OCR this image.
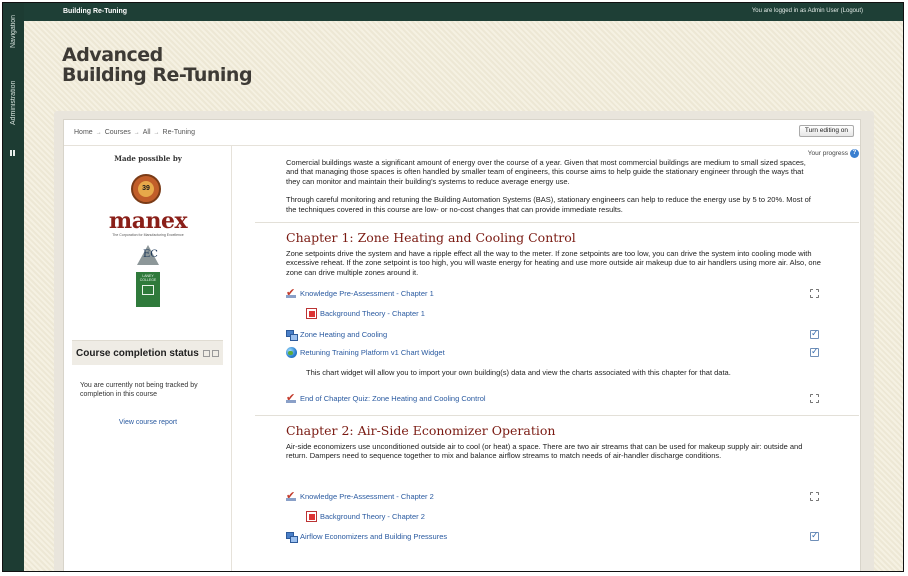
Navigation
Administration
Building Re-Tuning	You are logged in as Admin User (Logout)
Advanced
Building Re-Tuning
Home → Courses → All → Re-Tuning	Turn editing on
Made possible by
39
manex
The Corporation for Manufacturing Excellence
EC
LANEY
COLLEGE
Course completion status
You are currently not being tracked by completion in this course
View course report
Your progress ?

Comercial buildings waste a significant amount of energy over the course of a year. Given that most commercial buildings are medium to small sized spaces, and that managing those spaces is often handled by smaller team of engineers, this course aims to help guide the stationary engineer through the ways that they can monitor and maintain their building's systems to reduce average energy use.

Through careful monitoring and retuning the Building Automation Systems (BAS), stationary engineers can help to reduce the energy use by 5 to 20%. Most of the techniques covered in this course are low- or no-cost changes that can provide immediate results.

Chapter 1: Zone Heating and Cooling Control
Zone setpoints drive the system and have a ripple effect all the way to the meter. If zone setpoints are too low, you can drive the system into cooling mode with excessive reheat. If the zone setpoint is too high, you will waste energy for heating and use more outside air makeup due to air handlers using more air. Also, one zone can drive multiple zones around it.
✔
Knowledge Pre-Assessment - Chapter 1
Background Theory - Chapter 1
Zone Heating and Cooling
✓
Retuning Training Platform v1 Chart Widget
✓
This chart widget will allow you to import your own building(s) data and view the charts associated with this chapter for that data.
✔
End of Chapter Quiz: Zone Heating and Cooling Control
Chapter 2: Air-Side Economizer Operation
Air-side economizers use unconditioned outside air to cool (or heat) a space. There are two air streams that can be used for makeup supply air: outside and return. Dampers need to sequence together to mix and balance airflow streams to match needs of air-handler discharge conditions.
✔
Knowledge Pre-Assessment - Chapter 2
Background Theory - Chapter 2
Airflow Economizers and Building Pressures
✓
